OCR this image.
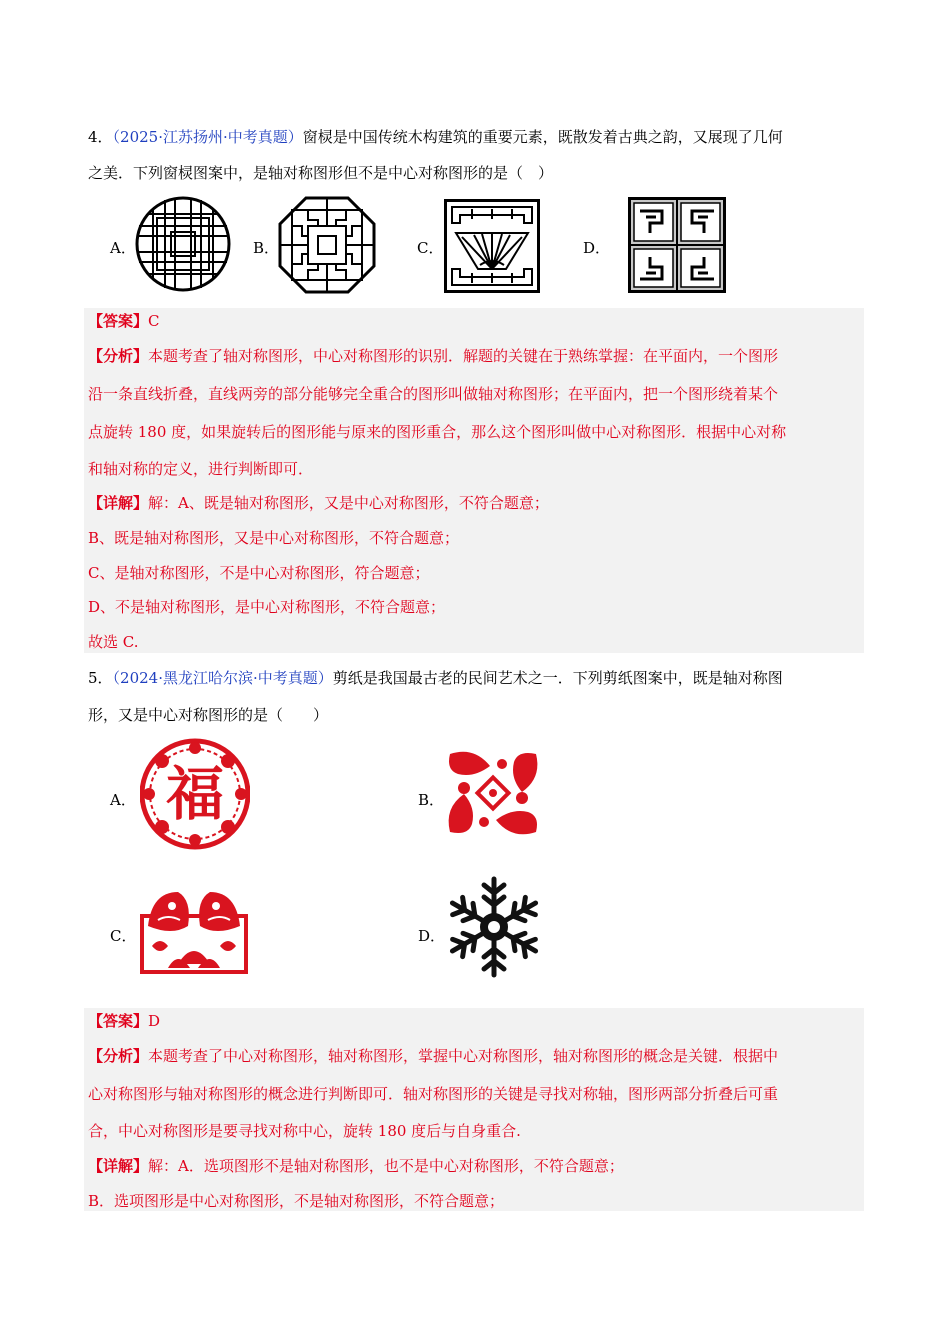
4．（2025·江苏扬州·中考真题）窗棂是中国传统木构建筑的重要元素，既散发着古典之韵，又展现了几何
之美．下列窗棂图案中，是轴对称图形但不是中心对称图形的是（　）
A．	B．	C．	D．
【答案】C
【分析】本题考查了轴对称图形，中心对称图形的识别．解题的关键在于熟练掌握：在平面内，一个图形
沿一条直线折叠，直线两旁的部分能够完全重合的图形叫做轴对称图形；在平面内，把一个图形绕着某个
点旋转 180 度，如果旋转后的图形能与原来的图形重合，那么这个图形叫做中心对称图形．根据中心对称
和轴对称的定义，进行判断即可．
【详解】解：A、既是轴对称图形，又是中心对称图形，不符合题意；
B、既是轴对称图形，又是中心对称图形，不符合题意；
C、是轴对称图形，不是中心对称图形，符合题意；
D、不是轴对称图形，是中心对称图形，不符合题意；
故选 C.
5．（2024·黑龙江哈尔滨·中考真题）剪纸是我国最古老的民间艺术之一．下列剪纸图案中，既是轴对称图
形，又是中心对称图形的是（　　）
A． 福	B．
C．	D．
【答案】D
【分析】本题考查了中心对称图形，轴对称图形，掌握中心对称图形，轴对称图形的概念是关键．根据中
心对称图形与轴对称图形的概念进行判断即可．轴对称图形的关键是寻找对称轴，图形两部分折叠后可重
合，中心对称图形是要寻找对称中心，旋转 180 度后与自身重合.
【详解】解：A．选项图形不是轴对称图形，也不是中心对称图形，不符合题意；
B．选项图形是中心对称图形，不是轴对称图形，不符合题意；
